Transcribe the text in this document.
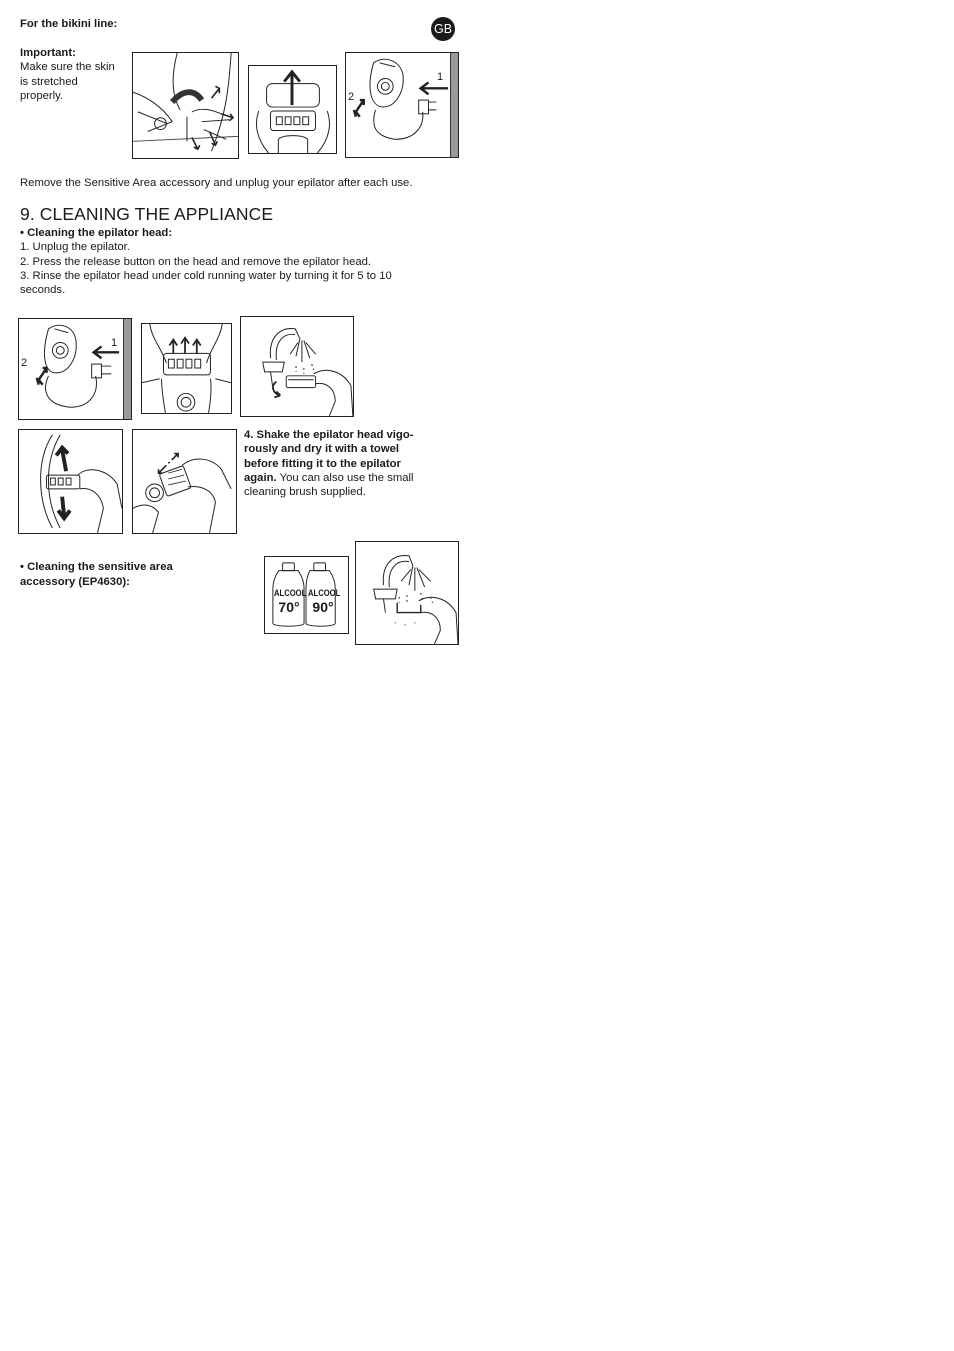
GB
For the bikini line:
Important:
Make sure the skin
is stretched
properly.
1
2
Remove the Sensitive Area accessory and unplug your epilator after each use.
9. CLEANING THE APPLIANCE
• Cleaning the epilator head:
1. Unplug the epilator.
2. Press the release button on the head and remove the epilator head.
3. Rinse the epilator head under cold running water by turning it for 5 to 10
seconds.
1
2
4. Shake the epilator head vigo-
rously and dry it with a towel
before fitting it to the epilator
again. You can also use the small
cleaning brush supplied.
• Cleaning the sensitive area
accessory (EP4630):
ALCOOL
70°
ALCOOL
90°
